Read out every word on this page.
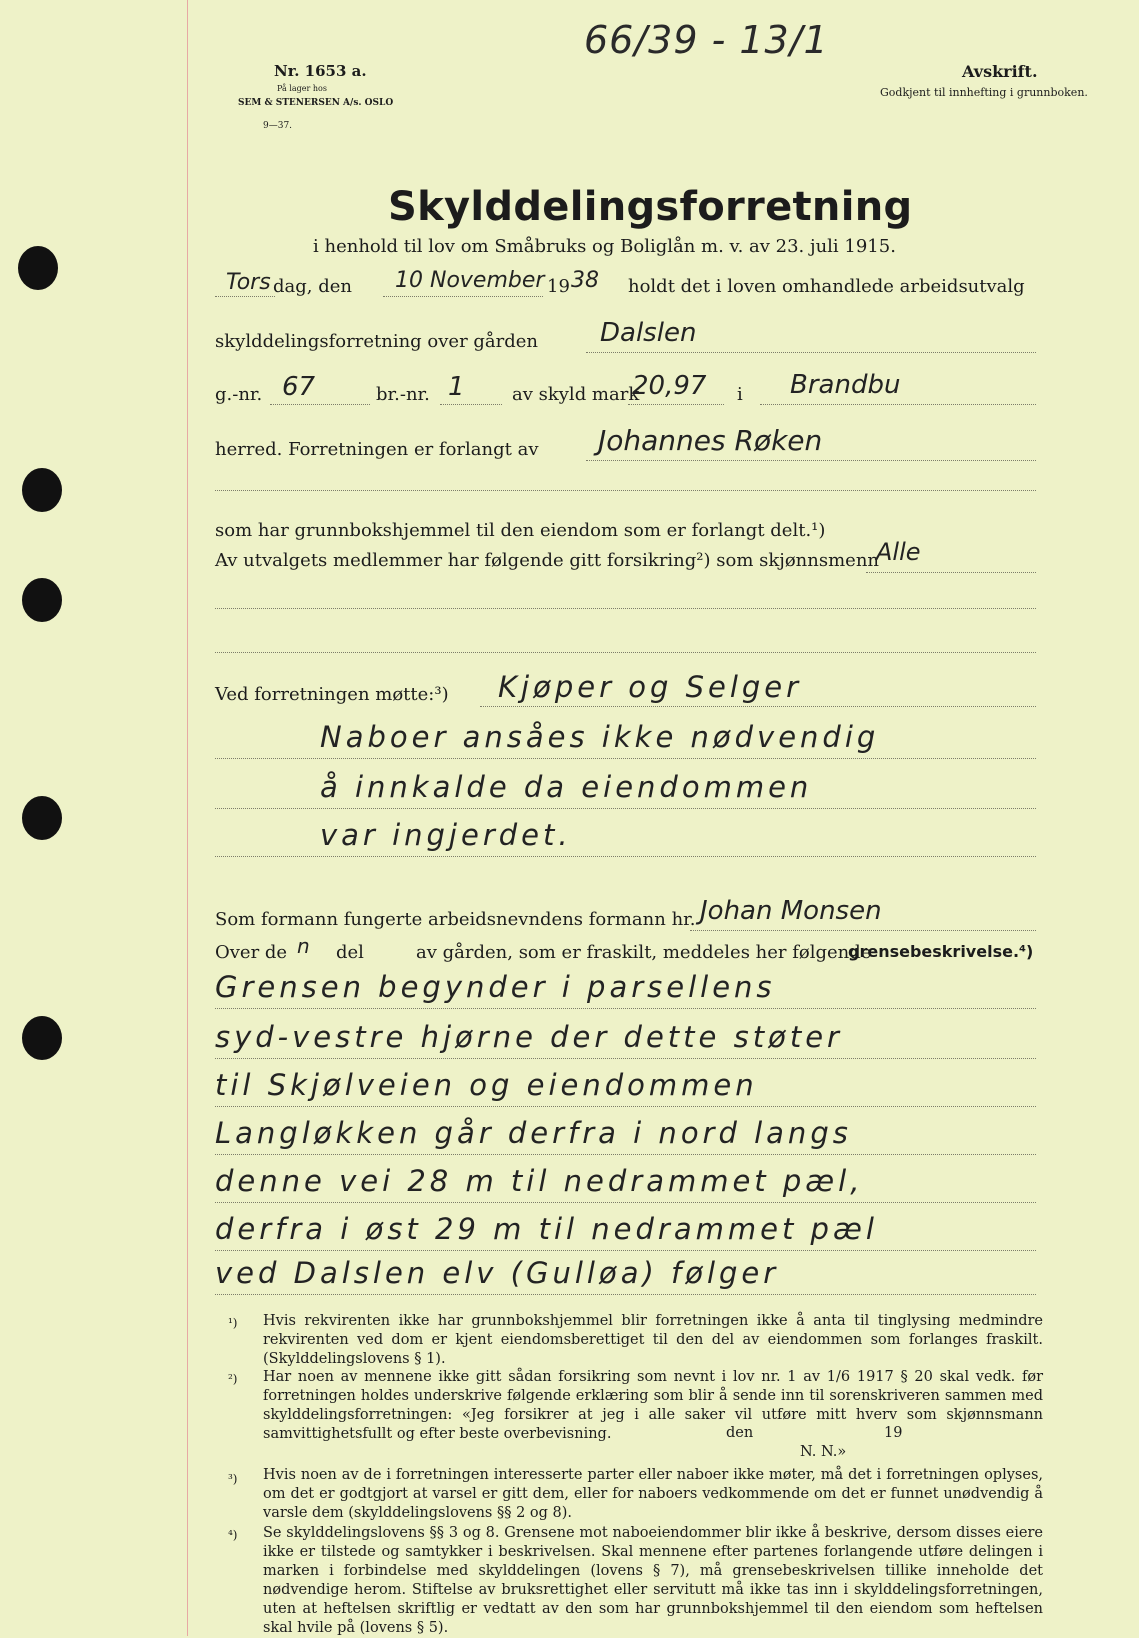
66/39 - 13/1
Nr. 1653 a.
På lager hos
SEM & STENERSEN A/s. OSLO
9—37.
Avskrift.
Godkjent til innhefting i grunnboken.
Skylddelingsforretning
i henhold til lov om Småbruks og Boliglån m. v. av 23. juli 1915.
Tors dag, den 10 November 19 38 holdt det i loven omhandlede arbeidsutvalg
skylddelingsforretning over gården Dalslen
g.-nr. 67	br.-nr. 1	av skyld mark
20,97 i Brandbu
herred. Forretningen er forlangt av Johannes Røken
som har grunnbokshjemmel til den eiendom som er forlangt delt.¹)
Av utvalgets medlemmer har følgende gitt forsikring²) som skjønnsmenn
Alle
Ved forretningen møtte:³) Kjøper og Selger
Naboer ansåes ikke nødvendig
å innkalde da eiendommen
var ingjerdet.
Som formann fungerte arbeidsnevndens formann hr. Johan Monsen
Over de n del	av gården, som er fraskilt, meddeles her følgende
grensebeskrivelse.⁴)
Grensen begynder i parsellens
syd-vestre hjørne der dette støter
til Skjølveien og eiendommen
Langløkken går derfra i nord langs
denne vei 28 m til nedrammet pæl,
derfra i øst 29 m til nedrammet pæl
ved Dalslen elv (Gulløa) følger
¹) Hvis rekvirenten ikke har grunnbokshjemmel blir forretningen ikke å anta til tinglysing medmindre rekvirenten ved dom er kjent eiendomsberettiget til den del av eiendommen som forlanges fraskilt. (Skylddelingslovens § 1).
²) Har noen av mennene ikke gitt sådan forsikring som nevnt i lov nr. 1 av 1/6 1917 § 20 skal vedk. før forretningen holdes underskrive følgende erklæring som blir å sende inn til sorenskriveren sammen med skylddelingsforretningen: «Jeg forsikrer at jeg i alle saker vil utføre mitt hverv som skjønnsmann samvittighetsfullt og efter beste overbevisning.	den	19
N. N.»
³) Hvis noen av de i forretningen interesserte parter eller naboer ikke møter, må det i forretningen oplyses, om det er godtgjort at varsel er gitt dem, eller for naboers vedkommende om det er funnet unødvendig å varsle dem (skylddelingslovens §§ 2 og 8).
⁴) Se skylddelingslovens §§ 3 og 8. Grensene mot naboeiendommer blir ikke å beskrive, dersom disses eiere ikke er tilstede og samtykker i beskrivelsen. Skal mennene efter partenes forlangende utføre delingen i marken i forbindelse med skylddelingen (lovens § 7), må grensebeskrivelsen tillike inneholde det nødvendige herom. Stiftelse av bruksrettighet eller servitutt må ikke tas inn i skylddelingsforretningen, uten at heftelsen skriftlig er vedtatt av den som har grunnbokshjemmel til den eiendom som heftelsen skal hvile på (lovens § 5).
